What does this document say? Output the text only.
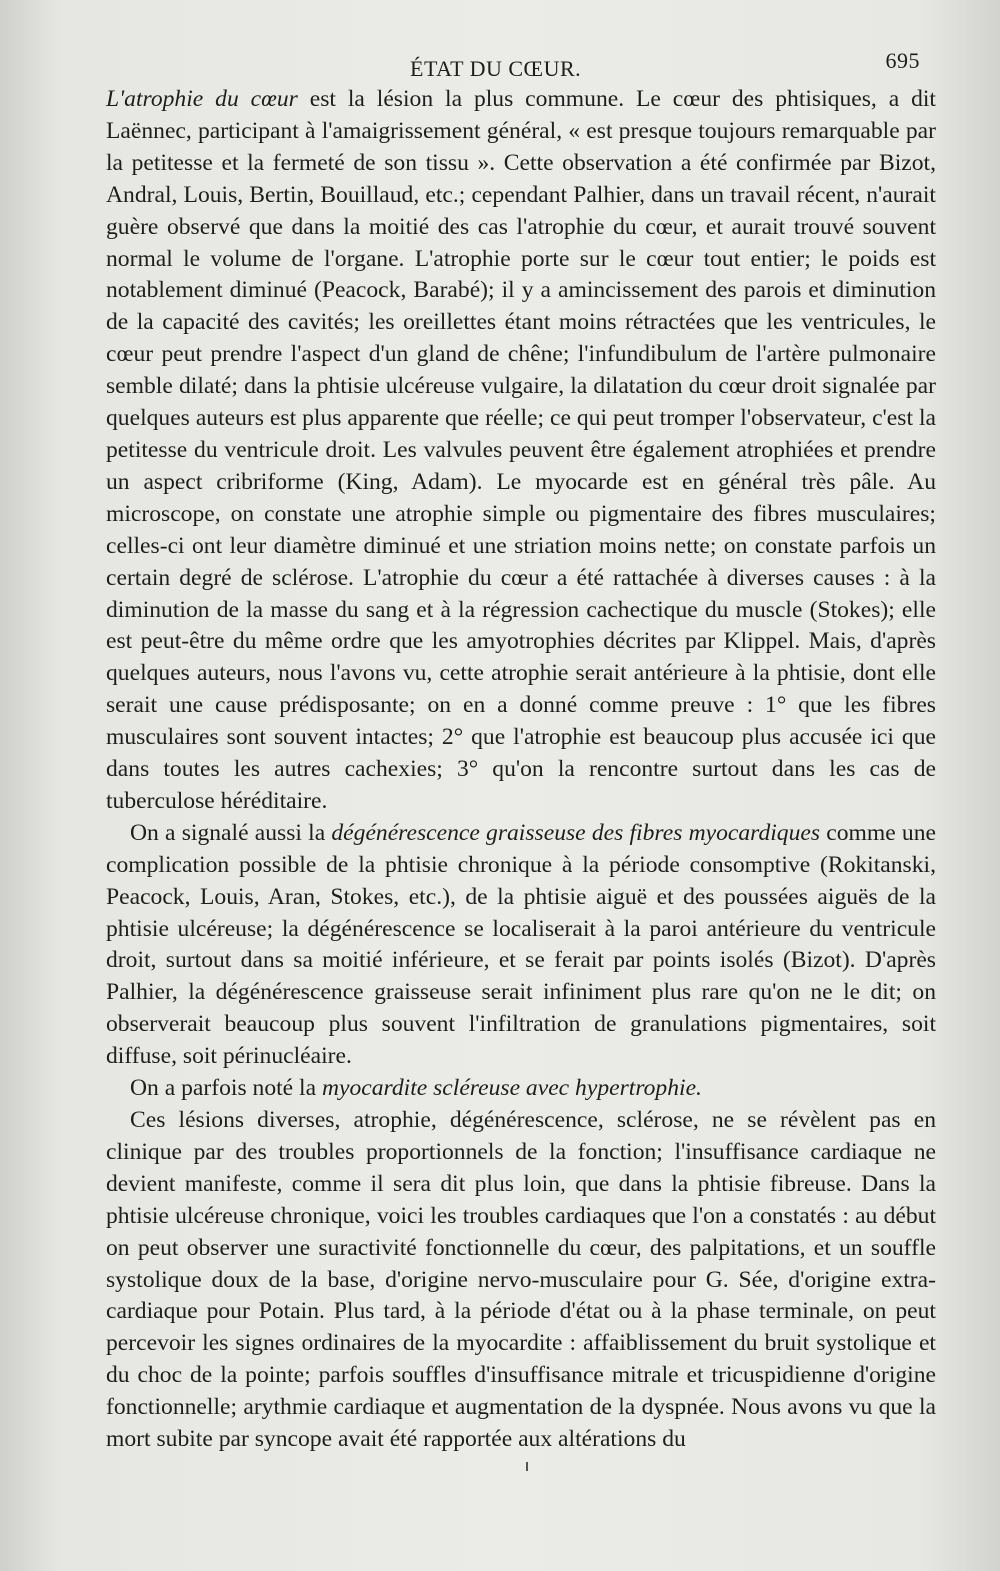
ÉTAT DU CŒUR.	695

L'atrophie du cœur est la lésion la plus commune. Le cœur des phtisiques, a dit Laënnec, participant à l'amaigrissement général, « est presque toujours remarquable par la petitesse et la fermeté de son tissu ». Cette observation a été confirmée par Bizot, Andral, Louis, Bertin, Bouillaud, etc.; cependant Palhier, dans un travail récent, n'aurait guère observé que dans la moitié des cas l'atrophie du cœur, et aurait trouvé souvent normal le volume de l'organe. L'atrophie porte sur le cœur tout entier; le poids est notablement diminué (Peacock, Barabé); il y a amincissement des parois et diminution de la capacité des cavités; les oreillettes étant moins rétractées que les ventricules, le cœur peut prendre l'aspect d'un gland de chêne; l'infundibulum de l'artère pulmonaire semble dilaté; dans la phtisie ulcéreuse vulgaire, la dilatation du cœur droit signalée par quelques auteurs est plus apparente que réelle; ce qui peut tromper l'observateur, c'est la petitesse du ventricule droit. Les valvules peuvent être également atrophiées et prendre un aspect cribriforme (King, Adam). Le myocarde est en général très pâle. Au microscope, on constate une atrophie simple ou pigmentaire des fibres musculaires; celles-ci ont leur diamètre diminué et une striation moins nette; on constate parfois un certain degré de sclérose. L'atrophie du cœur a été rattachée à diverses causes : à la diminution de la masse du sang et à la régression cachectique du muscle (Stokes); elle est peut-être du même ordre que les amyotrophies décrites par Klippel. Mais, d'après quelques auteurs, nous l'avons vu, cette atrophie serait antérieure à la phtisie, dont elle serait une cause prédisposante; on en a donné comme preuve : 1° que les fibres musculaires sont souvent intactes; 2° que l'atrophie est beaucoup plus accusée ici que dans toutes les autres cachexies; 3° qu'on la rencontre surtout dans les cas de tuberculose héréditaire.

On a signalé aussi la dégénérescence graisseuse des fibres myocardiques comme une complication possible de la phtisie chronique à la période consomptive (Rokitanski, Peacock, Louis, Aran, Stokes, etc.), de la phtisie aiguë et des poussées aiguës de la phtisie ulcéreuse; la dégénérescence se localiserait à la paroi antérieure du ventricule droit, surtout dans sa moitié inférieure, et se ferait par points isolés (Bizot). D'après Palhier, la dégénérescence graisseuse serait infiniment plus rare qu'on ne le dit; on observerait beaucoup plus souvent l'infiltration de granulations pigmentaires, soit diffuse, soit périnucléaire.

On a parfois noté la myocardite scléreuse avec hypertrophie.

Ces lésions diverses, atrophie, dégénérescence, sclérose, ne se révèlent pas en clinique par des troubles proportionnels de la fonction; l'insuffisance cardiaque ne devient manifeste, comme il sera dit plus loin, que dans la phtisie fibreuse. Dans la phtisie ulcéreuse chronique, voici les troubles cardiaques que l'on a constatés : au début on peut observer une suractivité fonctionnelle du cœur, des palpitations, et un souffle systolique doux de la base, d'origine nervo-musculaire pour G. Sée, d'origine extra-cardiaque pour Potain. Plus tard, à la période d'état ou à la phase terminale, on peut percevoir les signes ordinaires de la myocardite : affaiblissement du bruit systolique et du choc de la pointe; parfois souffles d'insuffisance mitrale et tricuspidienne d'origine fonctionnelle; arythmie cardiaque et augmentation de la dyspnée. Nous avons vu que la mort subite par syncope avait été rapportée aux altérations du
